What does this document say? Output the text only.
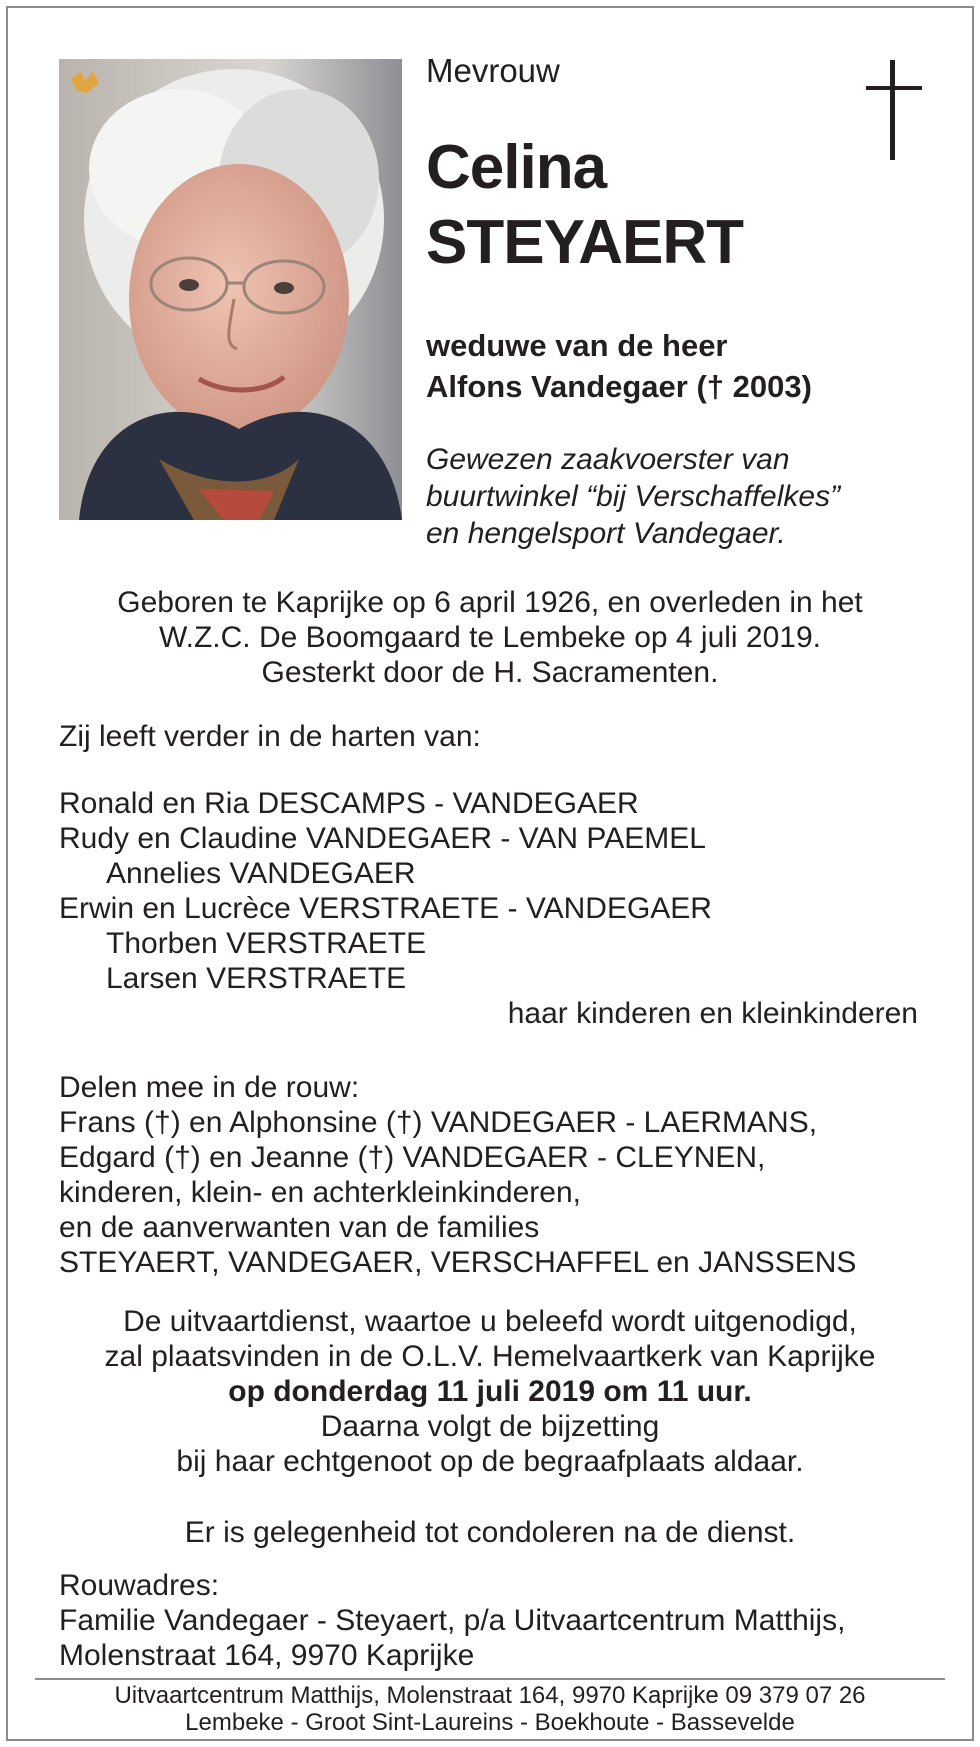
Mevrouw
Celina
STEYAERT
weduwe van de heer
Alfons Vandegaer († 2003)
Gewezen zaakvoerster van
buurtwinkel “bij Verschaffelkes”
en hengelsport Vandegaer.
Geboren te Kaprijke op 6 april 1926, en overleden in het
W.Z.C. De Boomgaard te Lembeke op 4 juli 2019.
Gesterkt door de H. Sacramenten.
Zij leeft verder in de harten van:
Ronald en Ria DESCAMPS - VANDEGAER
Rudy en Claudine VANDEGAER - VAN PAEMEL
Annelies VANDEGAER
Erwin en Lucrèce VERSTRAETE - VANDEGAER
Thorben VERSTRAETE
Larsen VERSTRAETE
haar kinderen en kleinkinderen
Delen mee in de rouw:
Frans (†) en Alphonsine (†) VANDEGAER - LAERMANS,
Edgard (†) en Jeanne (†) VANDEGAER - CLEYNEN,
kinderen, klein- en achterkleinkinderen,
en de aanverwanten van de families
STEYAERT, VANDEGAER, VERSCHAFFEL en JANSSENS
De uitvaartdienst, waartoe u beleefd wordt uitgenodigd,
zal plaatsvinden in de O.L.V. Hemelvaartkerk van Kaprijke
op donderdag 11 juli 2019 om 11 uur.
Daarna volgt de bijzetting
bij haar echtgenoot op de begraafplaats aldaar.
Er is gelegenheid tot condoleren na de dienst.
Rouwadres:
Familie Vandegaer - Steyaert, p/a Uitvaartcentrum Matthijs,
Molenstraat 164, 9970 Kaprijke
Uitvaartcentrum Matthijs, Molenstraat 164, 9970 Kaprijke 09 379 07 26
Lembeke - Groot Sint-Laureins - Boekhoute - Bassevelde
